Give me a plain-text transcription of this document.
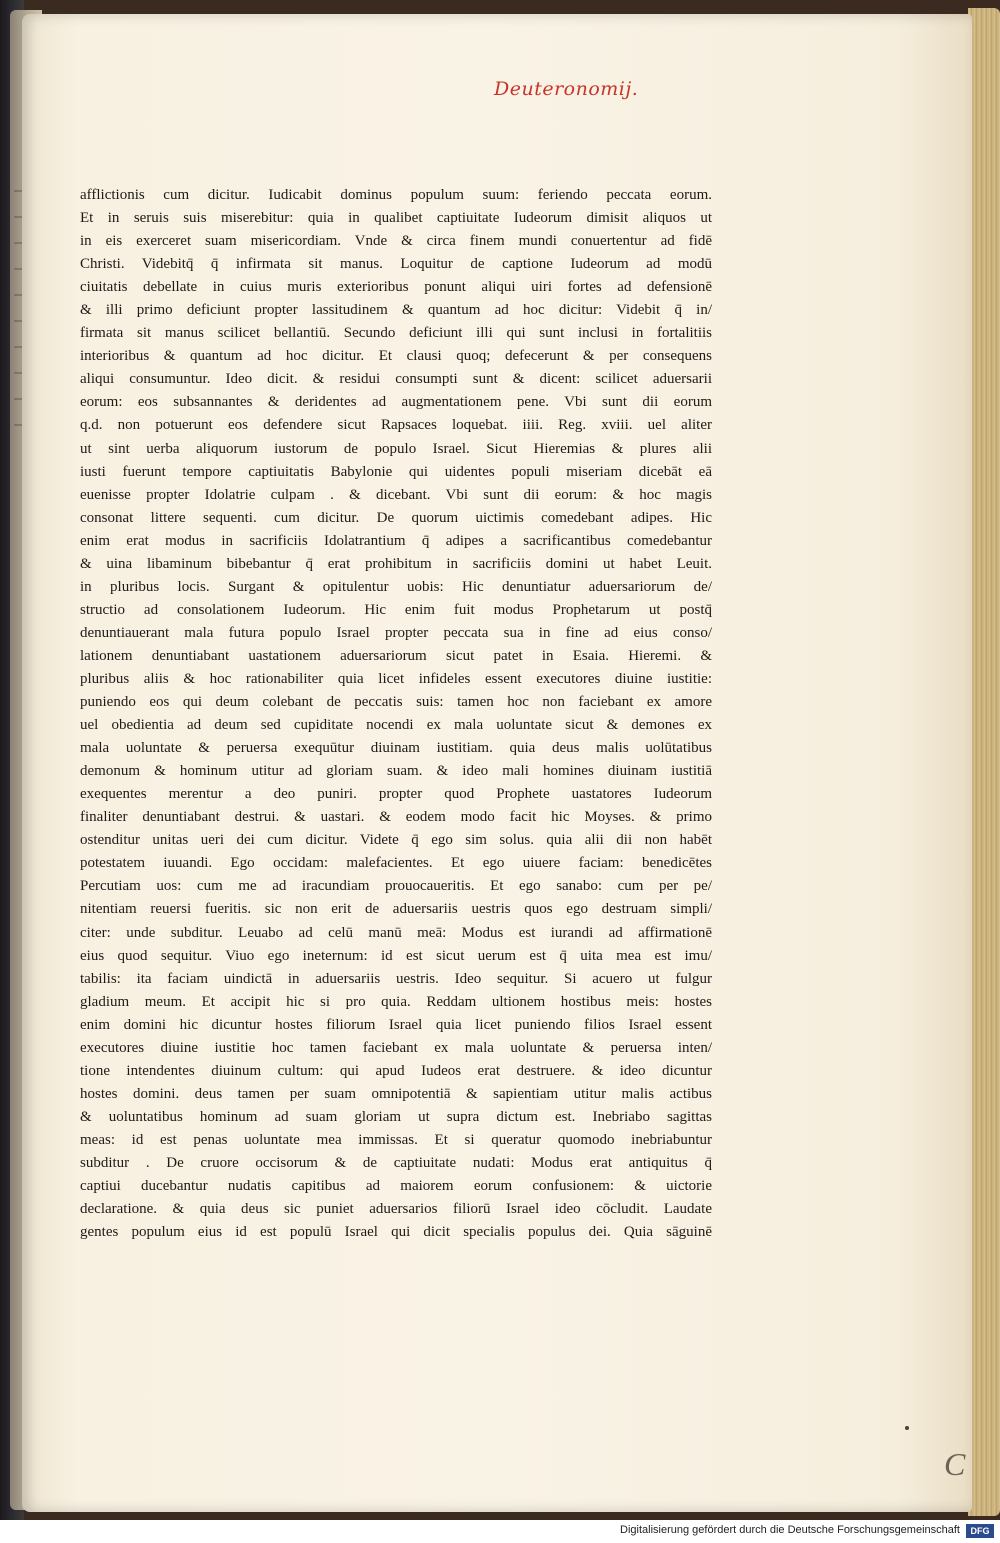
Deuteronomij.
afflictionis cum dicitur. Iudicabit dominus populum suum: feriendo peccata eorum.
Et in seruis suis miserebitur: quia in qualibet captiuitate Iudeorum dimisit aliquos ut
in eis exerceret suam misericordiam. Vnde & circa finem mundi conuertentur ad fidē
Christi. Videbitq̄ q̄ infirmata sit manus. Loquitur de captione Iudeorum ad modū
ciuitatis debellate in cuius muris exterioribus ponunt aliqui uiri fortes ad defensionē
& illi primo deficiunt propter lassitudinem & quantum ad hoc dicitur: Videbit q̄ in/
firmata sit manus scilicet bellantiū. Secundo deficiunt illi qui sunt inclusi in fortalitiis
interioribus & quantum ad hoc dicitur. Et clausi quoq; defecerunt & per consequens
aliqui consumuntur. Ideo dicit. & residui consumpti sunt & dicent: scilicet aduersarii
eorum: eos subsannantes & deridentes ad augmentationem pene. Vbi sunt dii eorum
q.d. non potuerunt eos defendere sicut Rapsaces loquebat. iiii. Reg. xviii. uel aliter
ut sint uerba aliquorum iustorum de populo Israel. Sicut Hieremias & plures alii
iusti fuerunt tempore captiuitatis Babylonie qui uidentes populi miseriam dicebāt eā
euenisse propter Idolatrie culpam . & dicebant. Vbi sunt dii eorum: & hoc magis
consonat littere sequenti. cum dicitur. De quorum uictimis comedebant adipes. Hic
enim erat modus in sacrificiis Idolatrantium q̄ adipes a sacrificantibus comedebantur
& uina libaminum bibebantur q̄ erat prohibitum in sacrificiis domini ut habet Leuit.
in pluribus locis. Surgant & opitulentur uobis: Hic denuntiatur aduersariorum de/
structio ad consolationem Iudeorum. Hic enim fuit modus Prophetarum ut postq̄
denuntiauerant mala futura populo Israel propter peccata sua in fine ad eius conso/
lationem denuntiabant uastationem aduersariorum sicut patet in Esaia. Hieremi. &
pluribus aliis & hoc rationabiliter quia licet infideles essent executores diuine iustitie:
puniendo eos qui deum colebant de peccatis suis: tamen hoc non faciebant ex amore
uel obedientia ad deum sed cupiditate nocendi ex mala uoluntate sicut & demones ex
mala uoluntate & peruersa exequūtur diuinam iustitiam. quia deus malis uolūtatibus
demonum & hominum utitur ad gloriam suam. & ideo mali homines diuinam iustitiā
exequentes merentur a deo puniri. propter quod Prophete uastatores Iudeorum
finaliter denuntiabant destrui. & uastari. & eodem modo facit hic Moyses. & primo
ostenditur unitas ueri dei cum dicitur. Videte q̄ ego sim solus. quia alii dii non habēt
potestatem iuuandi. Ego occidam: malefacientes. Et ego uiuere faciam: benedicētes
Percutiam uos: cum me ad iracundiam prouocaueritis. Et ego sanabo: cum per pe/
nitentiam reuersi fueritis. sic non erit de aduersariis uestris quos ego destruam simpli/
citer: unde subditur. Leuabo ad celū manū meā: Modus est iurandi ad affirmationē
eius quod sequitur. Viuo ego ineternum: id est sicut uerum est q̄ uita mea est imu/
tabilis: ita faciam uindictā in aduersariis uestris. Ideo sequitur. Si acuero ut fulgur
gladium meum. Et accipit hic si pro quia. Reddam ultionem hostibus meis: hostes
enim domini hic dicuntur hostes filiorum Israel quia licet puniendo filios Israel essent
executores diuine iustitie hoc tamen faciebant ex mala uoluntate & peruersa inten/
tione intendentes diuinum cultum: qui apud Iudeos erat destruere. & ideo dicuntur
hostes domini. deus tamen per suam omnipotentiā & sapientiam utitur malis actibus
& uoluntatibus hominum ad suam gloriam ut supra dictum est. Inebriabo sagittas
meas: id est penas uoluntate mea immissas. Et si queratur quomodo inebriabuntur
subditur . De cruore occisorum & de captiuitate nudati: Modus erat antiquitus q̄
captiui ducebantur nudatis capitibus ad maiorem eorum confusionem: & uictorie
declaratione. & quia deus sic puniet aduersarios filiorū Israel ideo cōcludit. Laudate
gentes populum eius id est populū Israel qui dicit specialis populus dei. Quia sāguinē
C
Digitalisierung gefördert durch die Deutsche Forschungsgemeinschaft	DFG
